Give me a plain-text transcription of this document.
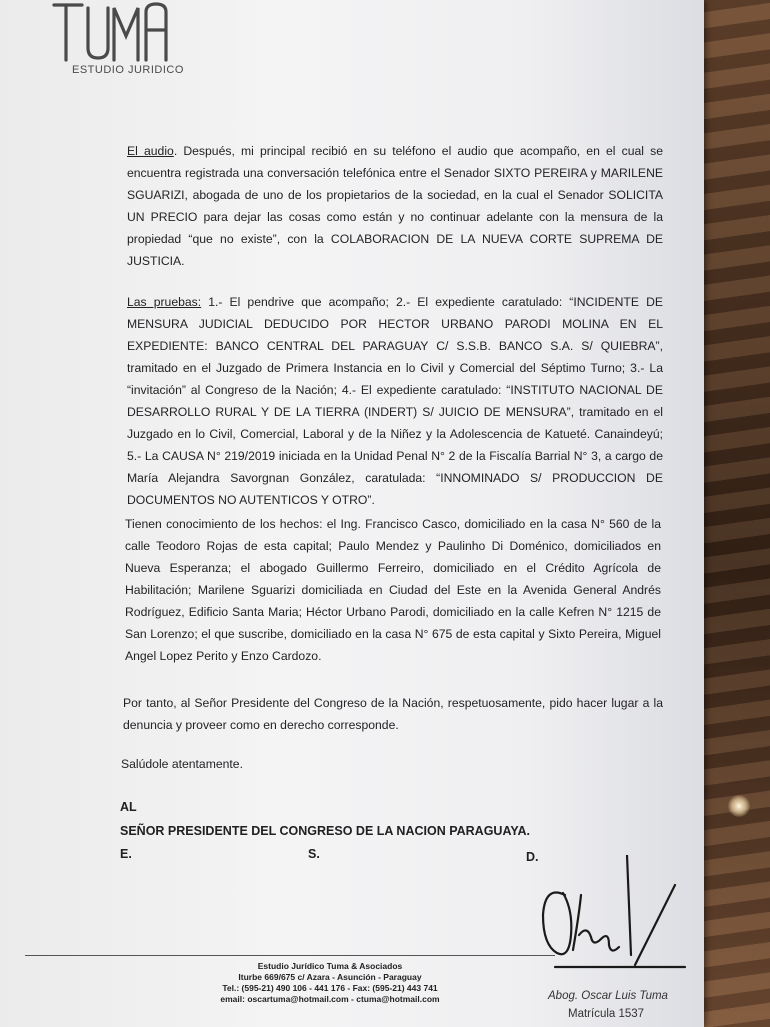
ESTUDIO JURIDICO

El audio. Después, mi principal recibió en su teléfono el audio que acompaño, en el cual se encuentra registrada una conversación telefónica entre el Senador SIXTO PEREIRA y MARILENE SGUARIZI, abogada de uno de los propietarios de la sociedad, en la cual el Senador SOLICITA UN PRECIO para dejar las cosas como están y no continuar adelante con la mensura de la propiedad “que no existe”, con la COLABORACION DE LA NUEVA CORTE SUPREMA DE JUSTICIA.

Las pruebas: 1.- El pendrive que acompaño; 2.- El expediente caratulado: “INCIDENTE DE MENSURA JUDICIAL DEDUCIDO POR HECTOR URBANO PARODI MOLINA EN EL EXPEDIENTE: BANCO CENTRAL DEL PARAGUAY C/ S.S.B. BANCO S.A. S/ QUIEBRA”, tramitado en el Juzgado de Primera Instancia en lo Civil y Comercial del Séptimo Turno; 3.- La “invitación” al Congreso de la Nación; 4.- El expediente caratulado: “INSTITUTO NACIONAL DE DESARROLLO RURAL Y DE LA TIERRA (INDERT) S/ JUICIO DE MENSURA”, tramitado en el Juzgado en lo Civil, Comercial, Laboral y de la Niñez y la Adolescencia de Katueté. Canaindeyú; 5.- La CAUSA N° 219/2019 iniciada en la Unidad Penal N° 2 de la Fiscalía Barrial N° 3, a cargo de María Alejandra Savorgnan González, caratulada: “INNOMINADO S/ PRODUCCION DE DOCUMENTOS NO AUTENTICOS Y OTRO”.

Tienen conocimiento de los hechos: el Ing. Francisco Casco, domiciliado en la casa N° 560 de la calle Teodoro Rojas de esta capital; Paulo Mendez y Paulinho Di Doménico, domiciliados en Nueva Esperanza; el abogado Guillermo Ferreiro, domiciliado en el Crédito Agrícola de Habilitación; Marilene Sguarizi domiciliada en Ciudad del Este en la Avenida General Andrés Rodríguez, Edificio Santa Maria; Héctor Urbano Parodi, domiciliado en la calle Kefren N° 1215 de San Lorenzo; el que suscribe, domiciliado en la casa N° 675 de esta capital y Sixto Pereira, Miguel Angel Lopez Perito y Enzo Cardozo.

Por tanto, al Señor Presidente del Congreso de la Nación, respetuosamente, pido hacer lugar a la denuncia y proveer como en derecho corresponde.

Salúdole atentamente.

AL
SEÑOR PRESIDENTE DEL CONGRESO DE LA NACION PARAGUAYA.
E.	S.	D.
Estudio Jurídico Tuma & Asociados
Iturbe 669/675 c/ Azara - Asunción - Paraguay
Tel.: (595-21) 490 106 - 441 176 - Fax: (595-21) 443 741
email: oscartuma@hotmail.com - ctuma@hotmail.com	Abog. Oscar Luis Tuma
Matrícula 1537
